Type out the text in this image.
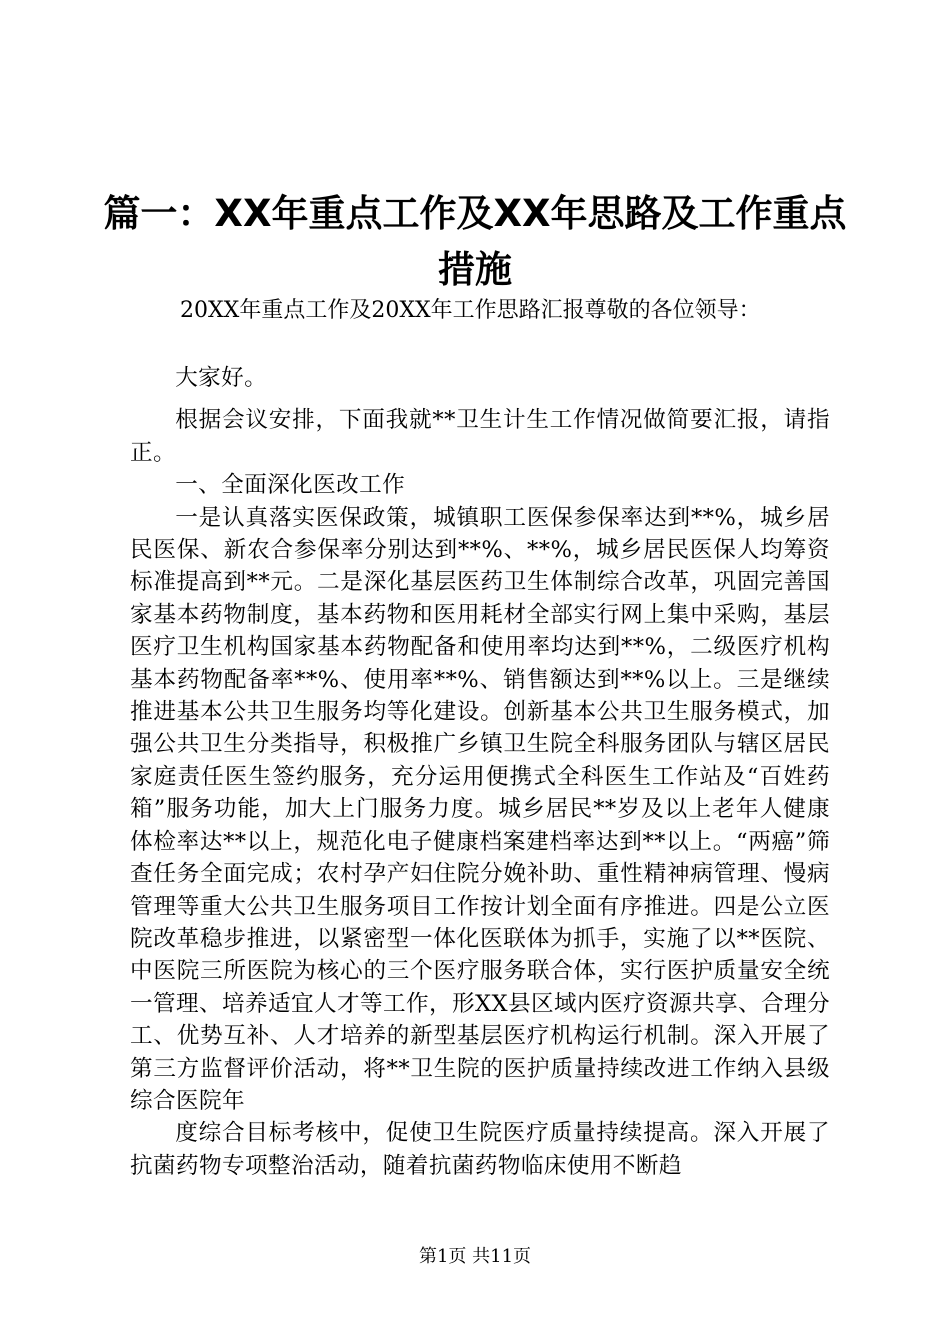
篇一：XX年重点工作及XX年思路及工作重点措施
20XX年重点工作及20XX年工作思路汇报尊敬的各位领导：

大家好。

根据会议安排，下面我就**卫生计生工作情况做简要汇报，请指正。

一、全面深化医改工作

一是认真落实医保政策，城镇职工医保参保率达到**%，城乡居民医保、新农合参保率分别达到**%、**%，城乡居民医保人均筹资标准提高到**元。二是深化基层医药卫生体制综合改革，巩固完善国家基本药物制度，基本药物和医用耗材全部实行网上集中采购，基层医疗卫生机构国家基本药物配备和使用率均达到**%，二级医疗机构基本药物配备率**%、使用率**%、销售额达到**%以上。三是继续推进基本公共卫生服务均等化建设。创新基本公共卫生服务模式，加强公共卫生分类指导，积极推广乡镇卫生院全科服务团队与辖区居民家庭责任医生签约服务，充分运用便携式全科医生工作站及“百姓药箱”服务功能，加大上门服务力度。城乡居民**岁及以上老年人健康体检率达**以上，规范化电子健康档案建档率达到**以上。“两癌”筛查任务全面完成；农村孕产妇住院分娩补助、重性精神病管理、慢病管理等重大公共卫生服务项目工作按计划全面有序推进。四是公立医院改革稳步推进，以紧密型一体化医联体为抓手，实施了以**医院、中医院三所医院为核心的三个医疗服务联合体，实行医护质量安全统一管理、培养适宜人才等工作，形XX县区域内医疗资源共享、合理分工、优势互补、人才培养的新型基层医疗机构运行机制。深入开展了第三方监督评价活动，将**卫生院的医护质量持续改进工作纳入县级综合医院年

度综合目标考核中，促使卫生院医疗质量持续提高。深入开展了抗菌药物专项整治活动，随着抗菌药物临床使用不断趋

第1页 共11页
